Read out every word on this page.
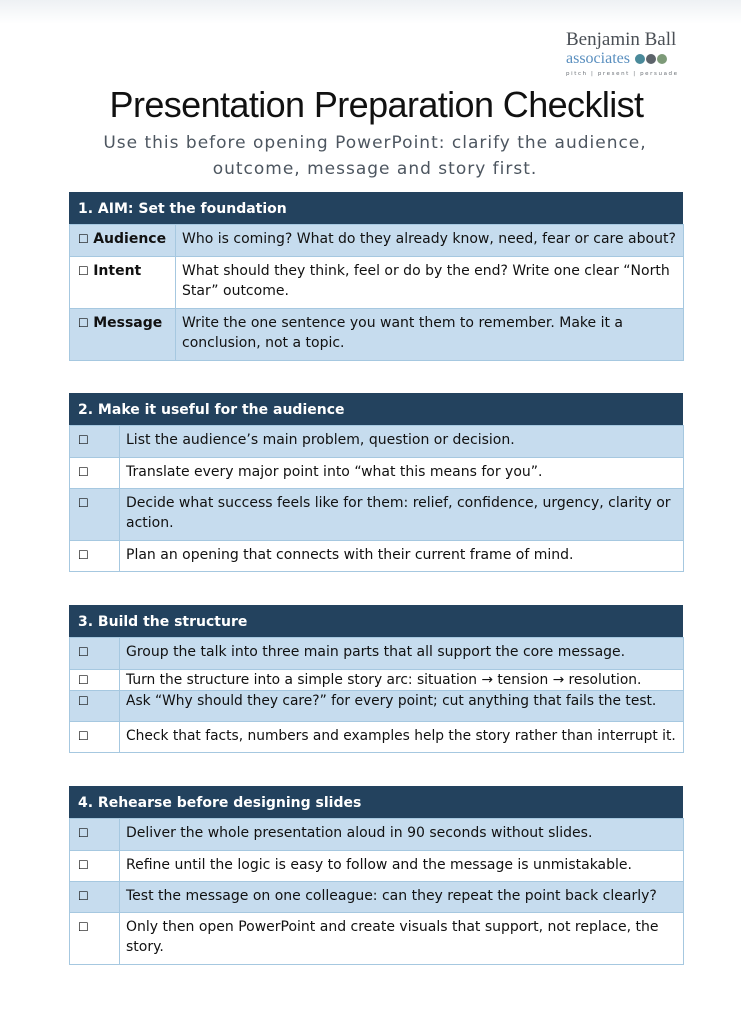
Benjamin Ball
associates
pitch | present | persuade
Presentation Preparation Checklist
Use this before opening PowerPoint: clarify the audience, outcome, message and story first.
1. AIM: Set the foundation
☐ Audience	Who is coming? What do they already know, need, fear or care about?
☐ Intent	What should they think, feel or do by the end? Write one clear “North Star” outcome.
☐ Message	Write the one sentence you want them to remember. Make it a conclusion, not a topic.
2. Make it useful for the audience
☐	List the audience’s main problem, question or decision.
☐	Translate every major point into “what this means for you”.
☐	Decide what success feels like for them: relief, confidence, urgency, clarity or action.
☐	Plan an opening that connects with their current frame of mind.
3. Build the structure
☐	Group the talk into three main parts that all support the core message.
☐	Turn the structure into a simple story arc: situation → tension → resolution.
☐	Ask “Why should they care?” for every point; cut anything that fails the test.
☐	Check that facts, numbers and examples help the story rather than interrupt it.
4. Rehearse before designing slides
☐	Deliver the whole presentation aloud in 90 seconds without slides.
☐	Refine until the logic is easy to follow and the message is unmistakable.
☐	Test the message on one colleague: can they repeat the point back clearly?
☐	Only then open PowerPoint and create visuals that support, not replace, the story.
